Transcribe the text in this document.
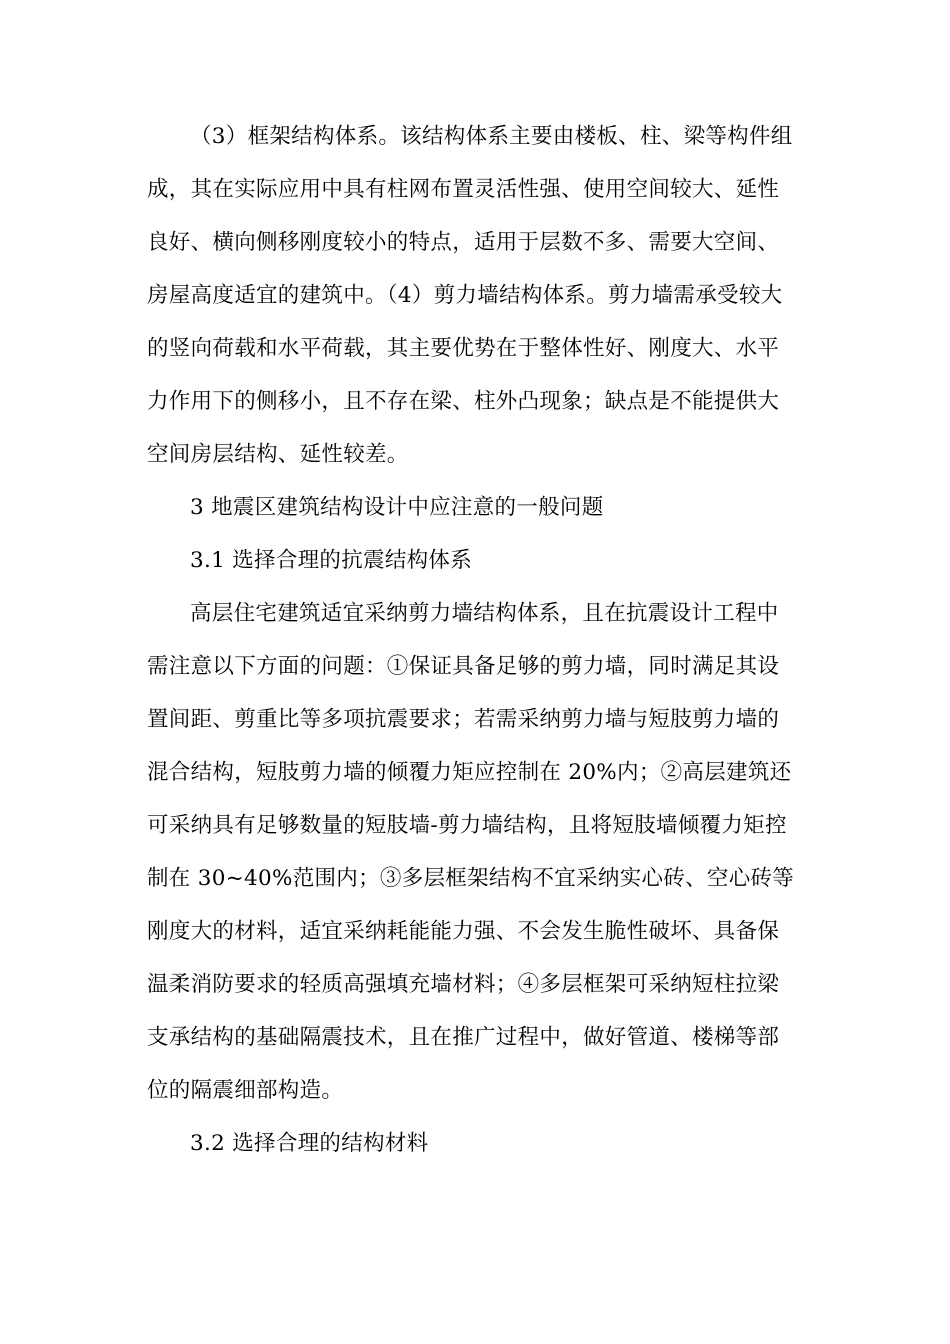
（3）框架结构体系。该结构体系主要由楼板、柱、梁等构件组
成，其在实际应用中具有柱网布置灵活性强、使用空间较大、延性
良好、横向侧移刚度较小的特点，适用于层数不多、需要大空间、
房屋高度适宜的建筑中。（4）剪力墙结构体系。剪力墙需承受较大
的竖向荷载和水平荷载，其主要优势在于整体性好、刚度大、水平
力作用下的侧移小，且不存在梁、柱外凸现象；缺点是不能提供大
空间房层结构、延性较差。
3 地震区建筑结构设计中应注意的一般问题
3.1 选择合理的抗震结构体系
高层住宅建筑适宜采纳剪力墙结构体系，且在抗震设计工程中
需注意以下方面的问题：①保证具备足够的剪力墙，同时满足其设
置间距、剪重比等多项抗震要求；若需采纳剪力墙与短肢剪力墙的
混合结构，短肢剪力墙的倾覆力矩应控制在 20%内；②高层建筑还
可采纳具有足够数量的短肢墙-剪力墙结构，且将短肢墙倾覆力矩控
制在 30~40%范围内；③多层框架结构不宜采纳实心砖、空心砖等
刚度大的材料，适宜采纳耗能能力强、不会发生脆性破坏、具备保
温柔消防要求的轻质高强填充墙材料；④多层框架可采纳短柱拉梁
支承结构的基础隔震技术，且在推广过程中，做好管道、楼梯等部
位的隔震细部构造。
3.2 选择合理的结构材料
